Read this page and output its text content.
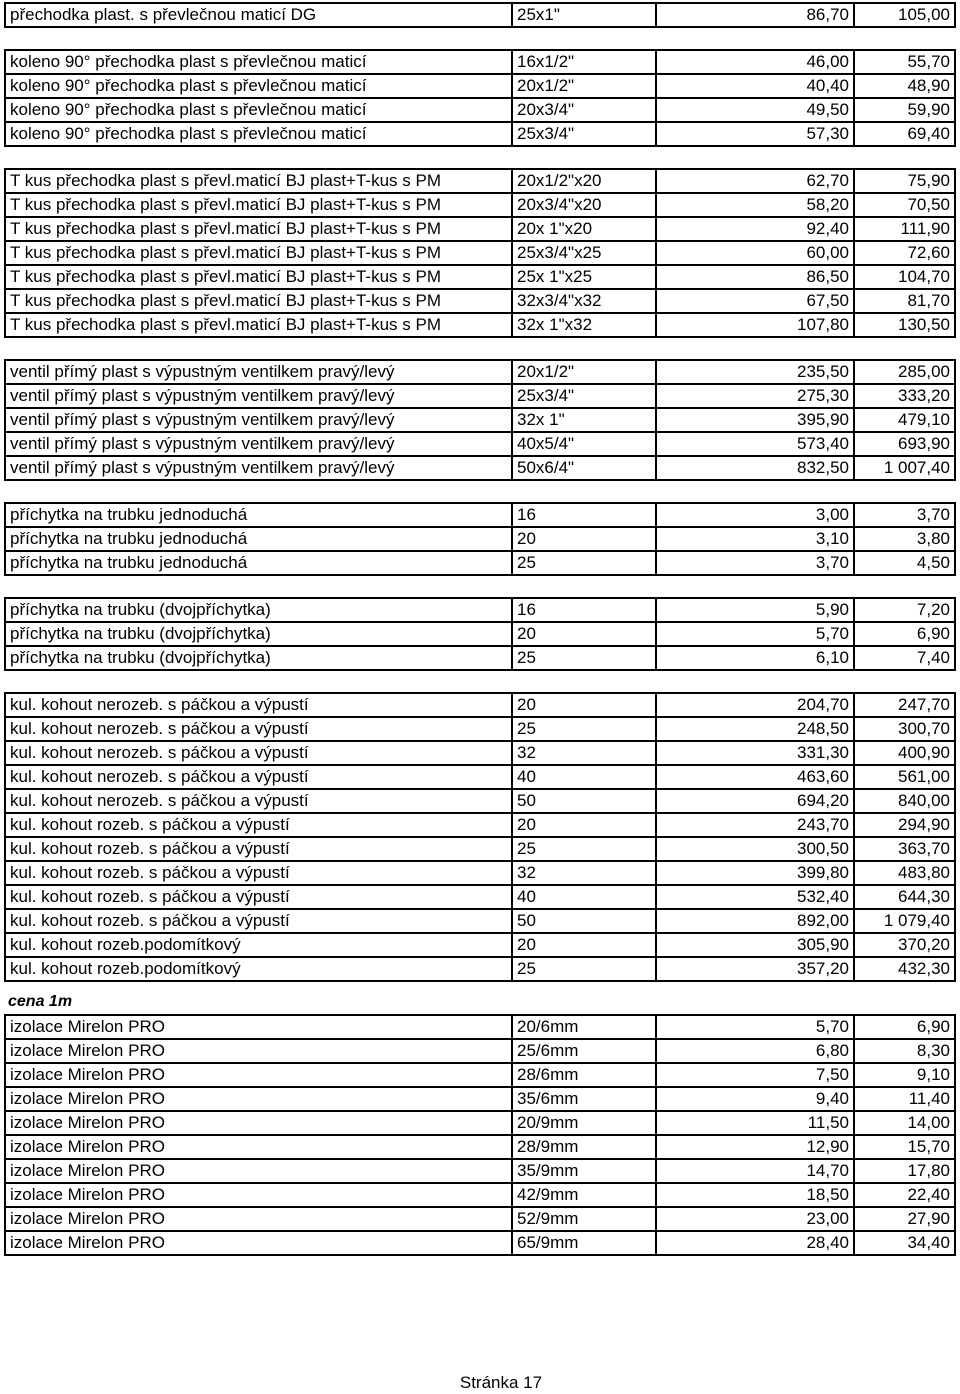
přechodka plast. s převlečnou maticí DG	25x1"	86,70	105,00
koleno 90° přechodka plast s převlečnou maticí	16x1/2"	46,00	55,70
koleno 90° přechodka plast s převlečnou maticí	20x1/2"	40,40	48,90
koleno 90° přechodka plast s převlečnou maticí	20x3/4"	49,50	59,90
koleno 90° přechodka plast s převlečnou maticí	25x3/4"	57,30	69,40
T kus přechodka plast s převl.maticí BJ plast+T-kus s PM	20x1/2"x20	62,70	75,90
T kus přechodka plast s převl.maticí BJ plast+T-kus s PM	20x3/4"x20	58,20	70,50
T kus přechodka plast s převl.maticí BJ plast+T-kus s PM	20x 1"x20	92,40	111,90
T kus přechodka plast s převl.maticí BJ plast+T-kus s PM	25x3/4"x25	60,00	72,60
T kus přechodka plast s převl.maticí BJ plast+T-kus s PM	25x 1"x25	86,50	104,70
T kus přechodka plast s převl.maticí BJ plast+T-kus s PM	32x3/4"x32	67,50	81,70
T kus přechodka plast s převl.maticí BJ plast+T-kus s PM	32x 1"x32	107,80	130,50
ventil přímý plast s výpustným ventilkem pravý/levý	20x1/2"	235,50	285,00
ventil přímý plast s výpustným ventilkem pravý/levý	25x3/4"	275,30	333,20
ventil přímý plast s výpustným ventilkem pravý/levý	32x 1"	395,90	479,10
ventil přímý plast s výpustným ventilkem pravý/levý	40x5/4"	573,40	693,90
ventil přímý plast s výpustným ventilkem pravý/levý	50x6/4"	832,50	1 007,40
příchytka na trubku jednoduchá	16	3,00	3,70
příchytka na trubku jednoduchá	20	3,10	3,80
příchytka na trubku jednoduchá	25	3,70	4,50
příchytka na trubku (dvojpříchytka)	16	5,90	7,20
příchytka na trubku (dvojpříchytka)	20	5,70	6,90
příchytka na trubku (dvojpříchytka)	25	6,10	7,40
kul. kohout nerozeb. s páčkou a výpustí	20	204,70	247,70
kul. kohout nerozeb. s páčkou a výpustí	25	248,50	300,70
kul. kohout nerozeb. s páčkou a výpustí	32	331,30	400,90
kul. kohout nerozeb. s páčkou a výpustí	40	463,60	561,00
kul. kohout nerozeb. s páčkou a výpustí	50	694,20	840,00
kul. kohout rozeb. s páčkou a výpustí	20	243,70	294,90
kul. kohout rozeb. s páčkou a výpustí	25	300,50	363,70
kul. kohout rozeb. s páčkou a výpustí	32	399,80	483,80
kul. kohout rozeb. s páčkou a výpustí	40	532,40	644,30
kul. kohout rozeb. s páčkou a výpustí	50	892,00	1 079,40
kul. kohout rozeb.podomítkový	20	305,90	370,20
kul. kohout rozeb.podomítkový	25	357,20	432,30
cena 1m
izolace Mirelon PRO	20/6mm	5,70	6,90
izolace Mirelon PRO	25/6mm	6,80	8,30
izolace Mirelon PRO	28/6mm	7,50	9,10
izolace Mirelon PRO	35/6mm	9,40	11,40
izolace Mirelon PRO	20/9mm	11,50	14,00
izolace Mirelon PRO	28/9mm	12,90	15,70
izolace Mirelon PRO	35/9mm	14,70	17,80
izolace Mirelon PRO	42/9mm	18,50	22,40
izolace Mirelon PRO	52/9mm	23,00	27,90
izolace Mirelon PRO	65/9mm	28,40	34,40
Stránka 17
